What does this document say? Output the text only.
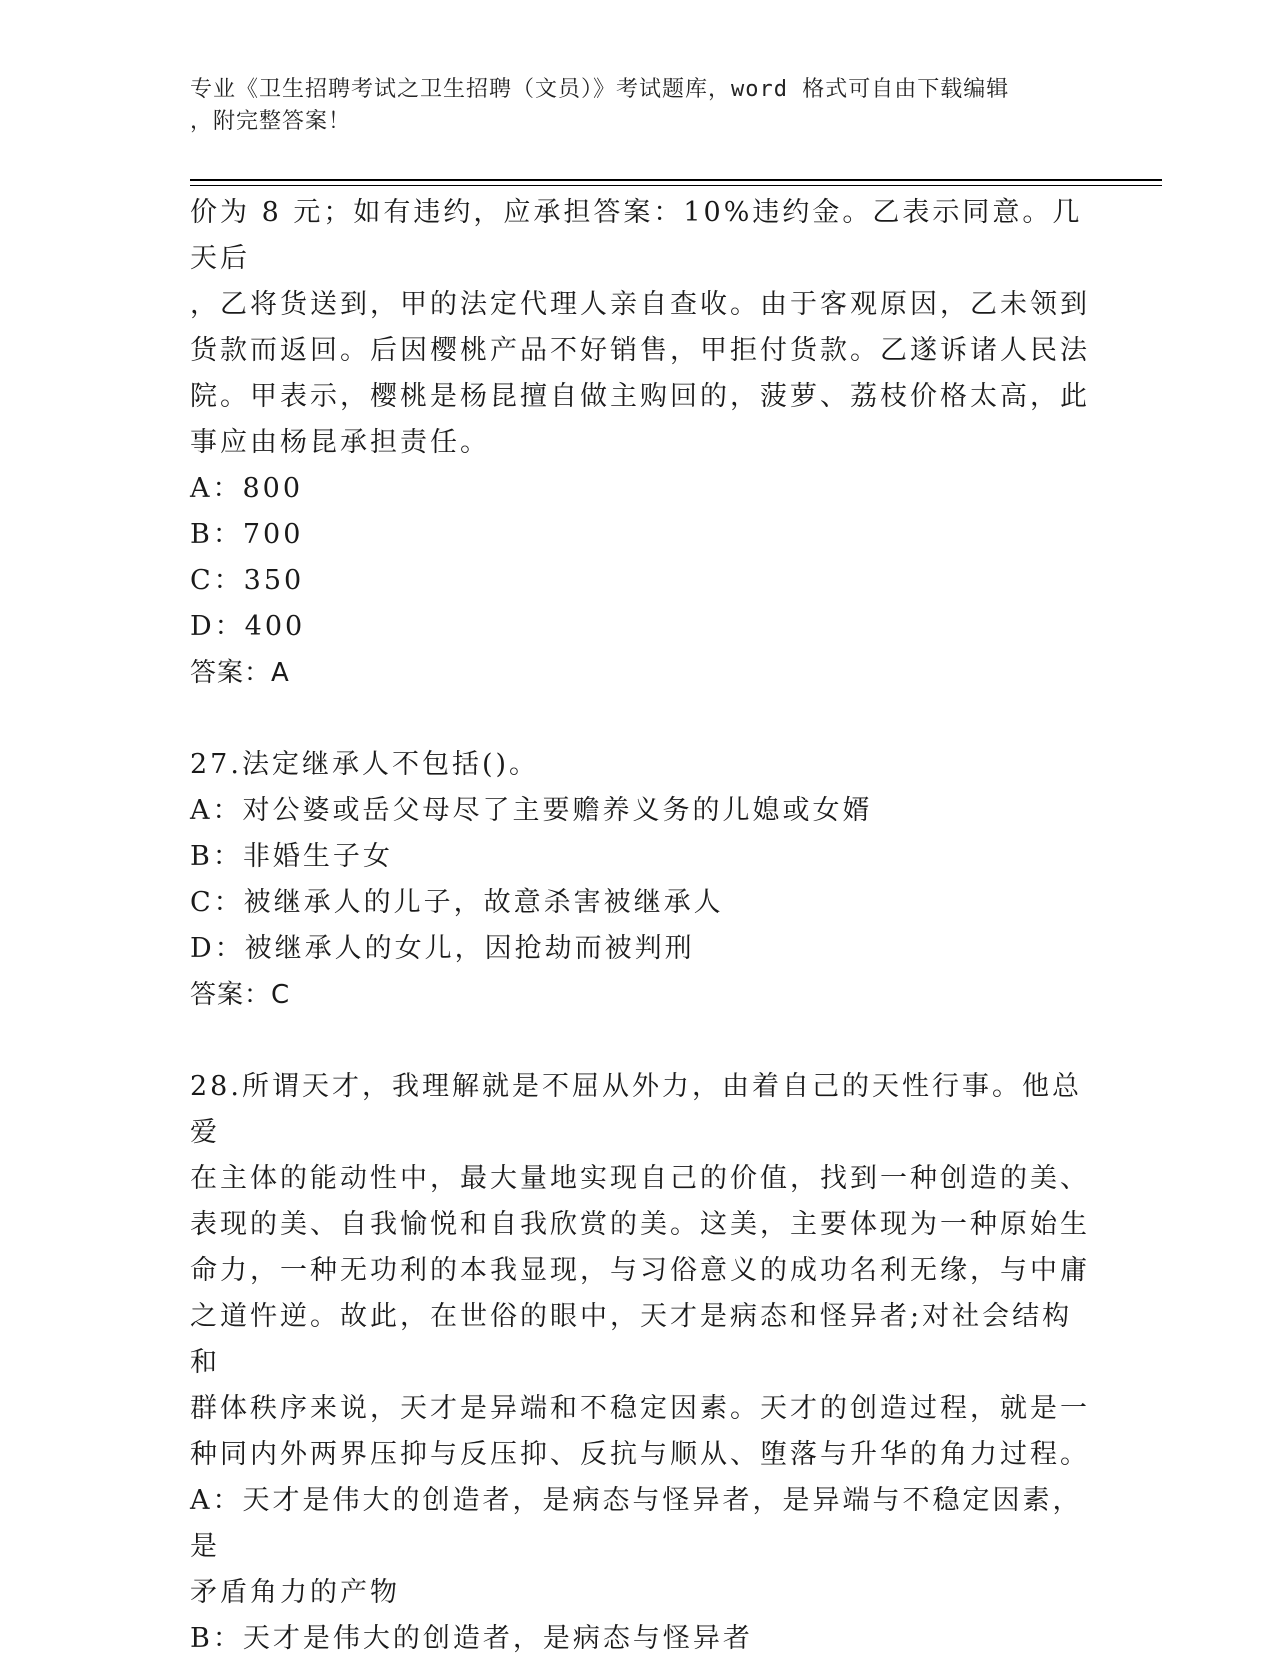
专业《卫生招聘考试之卫生招聘（文员）》考试题库，word 格式可自由下载编辑
，附完整答案！

价为 8 元；如有违约，应承担答案：10%违约金。乙表示同意。几天后

，乙将货送到，甲的法定代理人亲自查收。由于客观原因，乙未领到

货款而返回。后因樱桃产品不好销售，甲拒付货款。乙遂诉诸人民法

院。甲表示，樱桃是杨昆擅自做主购回的，菠萝、荔枝价格太高，此

事应由杨昆承担责任。

A：800

B：700

C：350

D：400

答案：A

27.法定继承人不包括()。

A：对公婆或岳父母尽了主要赡养义务的儿媳或女婿

B：非婚生子女

C：被继承人的儿子，故意杀害被继承人

D：被继承人的女儿，因抢劫而被判刑

答案：C

28.所谓天才，我理解就是不屈从外力，由着自己的天性行事。他总爱

在主体的能动性中，最大量地实现自己的价值，找到一种创造的美、

表现的美、自我愉悦和自我欣赏的美。这美，主要体现为一种原始生

命力，一种无功利的本我显现，与习俗意义的成功名利无缘，与中庸

之道忤逆。故此，在世俗的眼中，天才是病态和怪异者;对社会结构和

群体秩序来说，天才是异端和不稳定因素。天才的创造过程，就是一

种同内外两界压抑与反压抑、反抗与顺从、堕落与升华的角力过程。

A：天才是伟大的创造者，是病态与怪异者，是异端与不稳定因素，是

矛盾角力的产物

B：天才是伟大的创造者，是病态与怪异者
